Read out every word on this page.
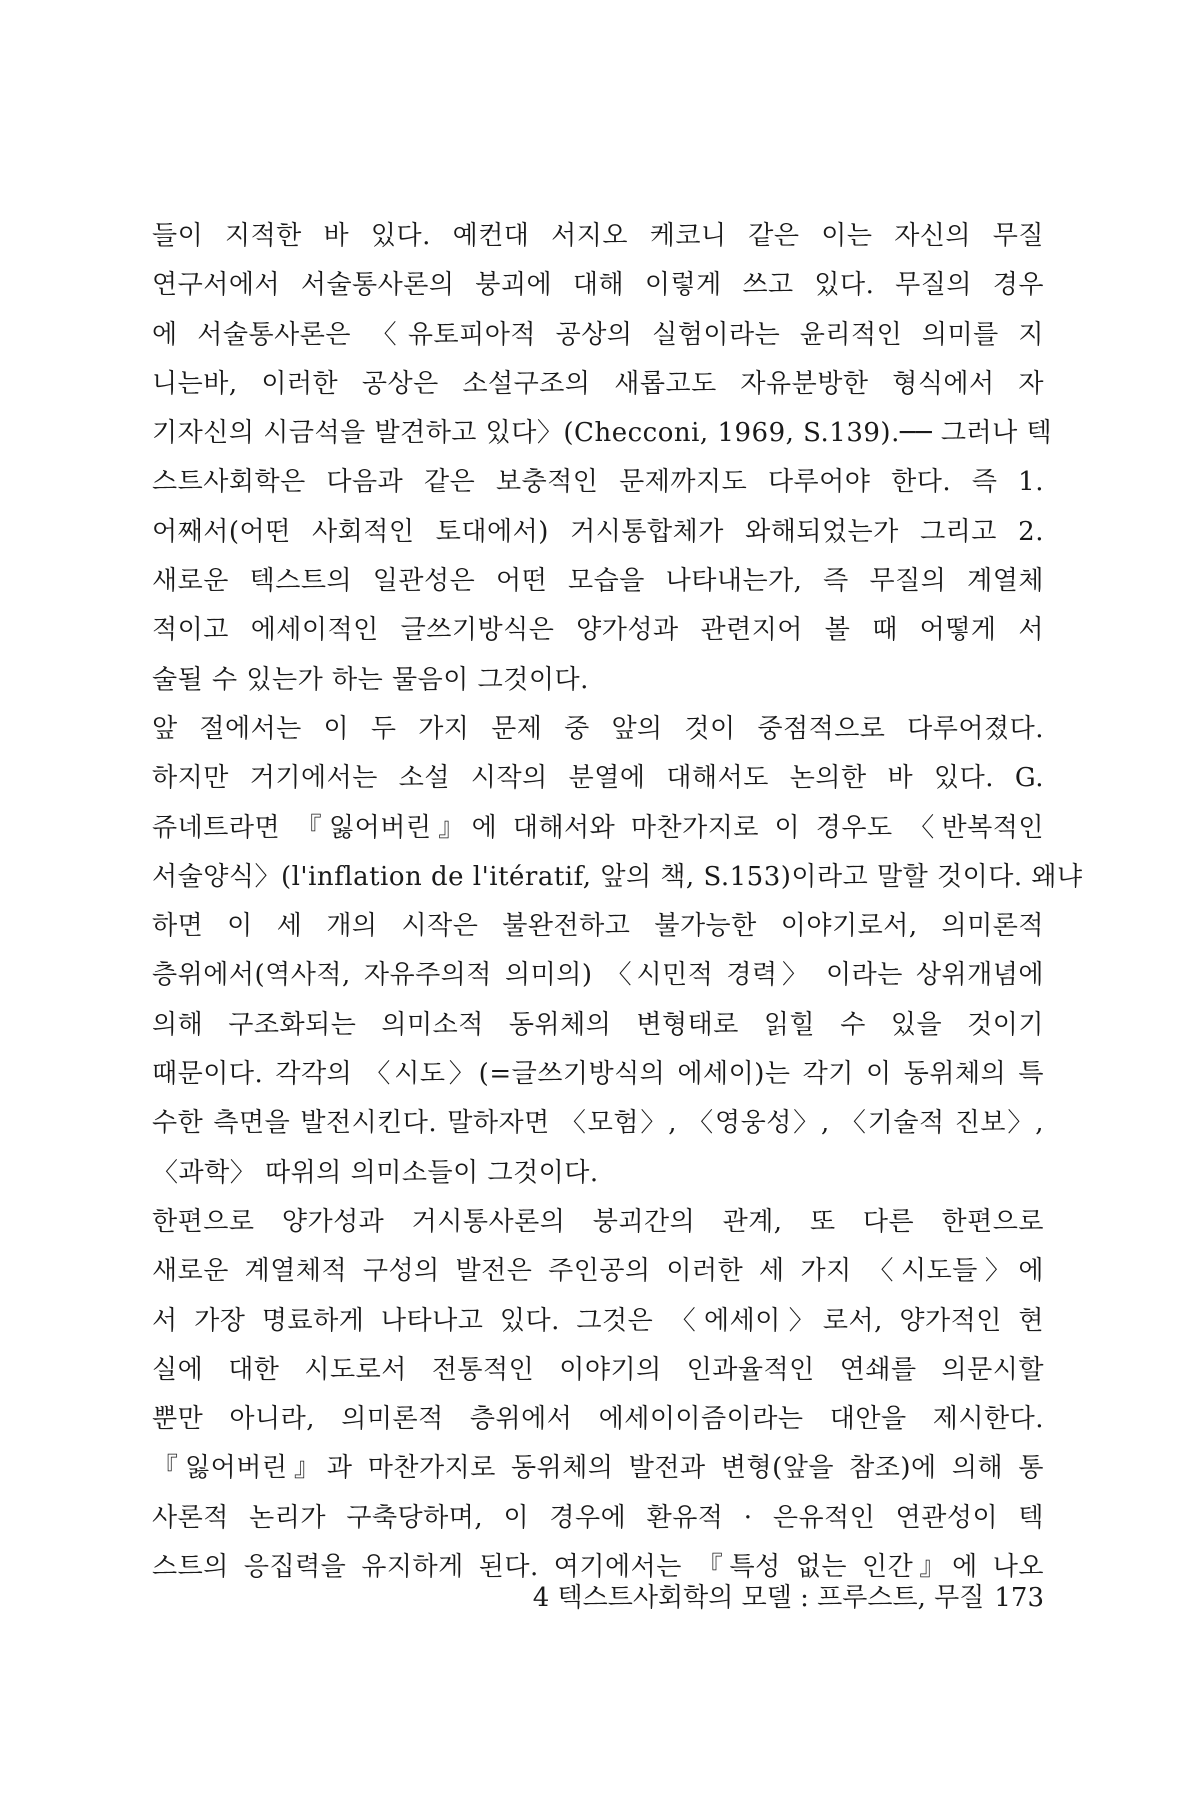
들이 지적한 바 있다. 예컨대 서지오 케코니 같은 이는 자신의 무질
연구서에서 서술통사론의 붕괴에 대해 이렇게 쓰고 있다. 무질의 경우
에 서술통사론은 〈유토피아적 공상의 실험이라는 윤리적인 의미를 지
니는바, 이러한 공상은 소설구조의 새롭고도 자유분방한 형식에서 자
기자신의 시금석을 발견하고 있다〉(Checconi, 1969, S.139).── 그러나 텍
스트사회학은 다음과 같은 보충적인 문제까지도 다루어야 한다. 즉 1.
어째서(어떤 사회적인 토대에서) 거시통합체가 와해되었는가 그리고 2.
새로운 텍스트의 일관성은 어떤 모습을 나타내는가, 즉 무질의 계열체
적이고 에세이적인 글쓰기방식은 양가성과 관련지어 볼 때 어떻게 서
술될 수 있는가 하는 물음이 그것이다.
앞 절에서는 이 두 가지 문제 중 앞의 것이 중점적으로 다루어졌다.
하지만 거기에서는 소설 시작의 분열에 대해서도 논의한 바 있다. G.
쥬네트라면 『잃어버린』에 대해서와 마찬가지로 이 경우도 〈반복적인
서술양식〉(l'inflation de l'itératif, 앞의 책, S.153)이라고 말할 것이다. 왜냐
하면 이 세 개의 시작은 불완전하고 불가능한 이야기로서, 의미론적
층위에서(역사적, 자유주의적 의미의) 〈시민적 경력〉 이라는 상위개념에
의해 구조화되는 의미소적 동위체의 변형태로 읽힐 수 있을 것이기
때문이다. 각각의 〈시도〉(=글쓰기방식의 에세이)는 각기 이 동위체의 특
수한 측면을 발전시킨다. 말하자면 〈모험〉, 〈영웅성〉, 〈기술적 진보〉,
〈과학〉 따위의 의미소들이 그것이다.
한편으로 양가성과 거시통사론의 붕괴간의 관계, 또 다른 한편으로
새로운 계열체적 구성의 발전은 주인공의 이러한 세 가지 〈시도들〉에
서 가장 명료하게 나타나고 있다. 그것은 〈에세이〉로서, 양가적인 현
실에 대한 시도로서 전통적인 이야기의 인과율적인 연쇄를 의문시할
뿐만 아니라, 의미론적 층위에서 에세이이즘이라는 대안을 제시한다.
『잃어버린』과 마찬가지로 동위체의 발전과 변형(앞을 참조)에 의해 통
사론적 논리가 구축당하며, 이 경우에 환유적 · 은유적인 연관성이 텍
스트의 응집력을 유지하게 된다. 여기에서는 『특성 없는 인간』에 나오
4 텍스트사회학의 모델 : 프루스트, 무질 173
